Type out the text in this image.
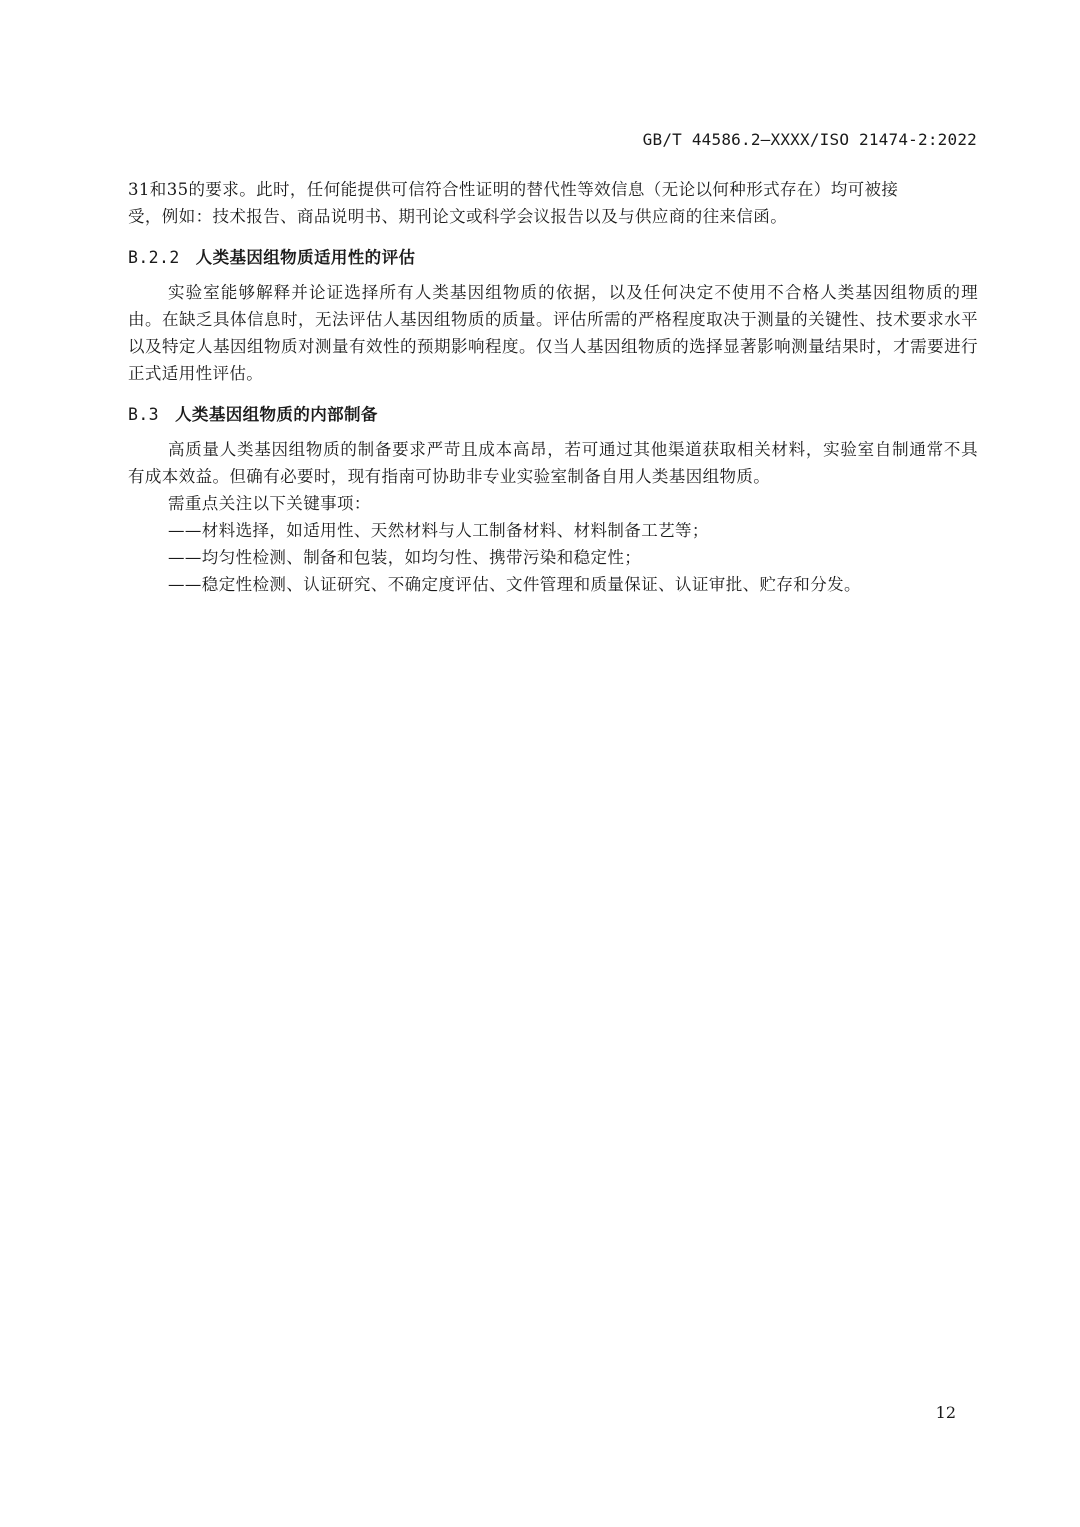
GB/T 44586.2—XXXX/ISO 21474-2:2022

31和35的要求。此时，任何能提供可信符合性证明的替代性等效信息（无论以何种形式存在）均可被接
受，例如：技术报告、商品说明书、期刊论文或科学会议报告以及与供应商的往来信函。

B.2.2 人类基因组物质适用性的评估

实验室能够解释并论证选择所有人类基因组物质的依据，以及任何决定不使用不合格人类基因组物质的理由。在缺乏具体信息时，无法评估人基因组物质的质量。评估所需的严格程度取决于测量的关键性、技术要求水平以及特定人基因组物质对测量有效性的预期影响程度。仅当人基因组物质的选择显著影响测量结果时，才需要进行正式适用性评估。

B.3 人类基因组物质的内部制备

高质量人类基因组物质的制备要求严苛且成本高昂，若可通过其他渠道获取相关材料，实验室自制通常不具有成本效益。但确有必要时，现有指南可协助非专业实验室制备自用人类基因组物质。

需重点关注以下关键事项：

——材料选择，如适用性、天然材料与人工制备材料、材料制备工艺等；

——均匀性检测、制备和包装，如均匀性、携带污染和稳定性；

——稳定性检测、认证研究、不确定度评估、文件管理和质量保证、认证审批、贮存和分发。

12
